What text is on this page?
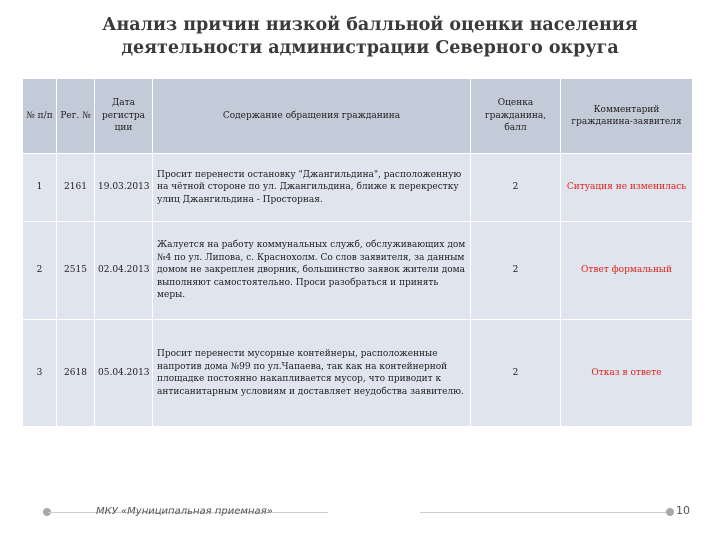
Анализ причин низкой балльной оценки населения
деятельности администрации Северного округа
№ п/п	Рег. №	Дата регистра ции	Содержание обращения гражданина	Оценка гражданина, балл	Комментарий гражданина-заявителя
1	2161	19.03.2013	Просит перенести остановку "Джангильдина", расположенную на чётной стороне по ул. Джангильдина, ближе к перекрестку улиц Джангильдина - Просторная.	2	Ситуация не изменилась
2	2515	02.04.2013	Жалуется на работу коммунальных служб, обслуживающих дом №4 по ул. Липова, с. Краснохолм. Со слов заявителя, за данным домом не закреплен дворник, большинство заявок жители дома выполняют самостоятельно. Проси разобраться и принять меры.	2	Ответ формальный
3	2618	05.04.2013	Просит перенести мусорные контейнеры, расположенные напротив дома №99 по ул.Чапаева, так как на контейнерной площадке постоянно накапливается мусор, что приводит к антисанитарным условиям и доставляет неудобства заявителю.	2	Отказ в ответе
МКУ «Муниципальная приемная»	10
